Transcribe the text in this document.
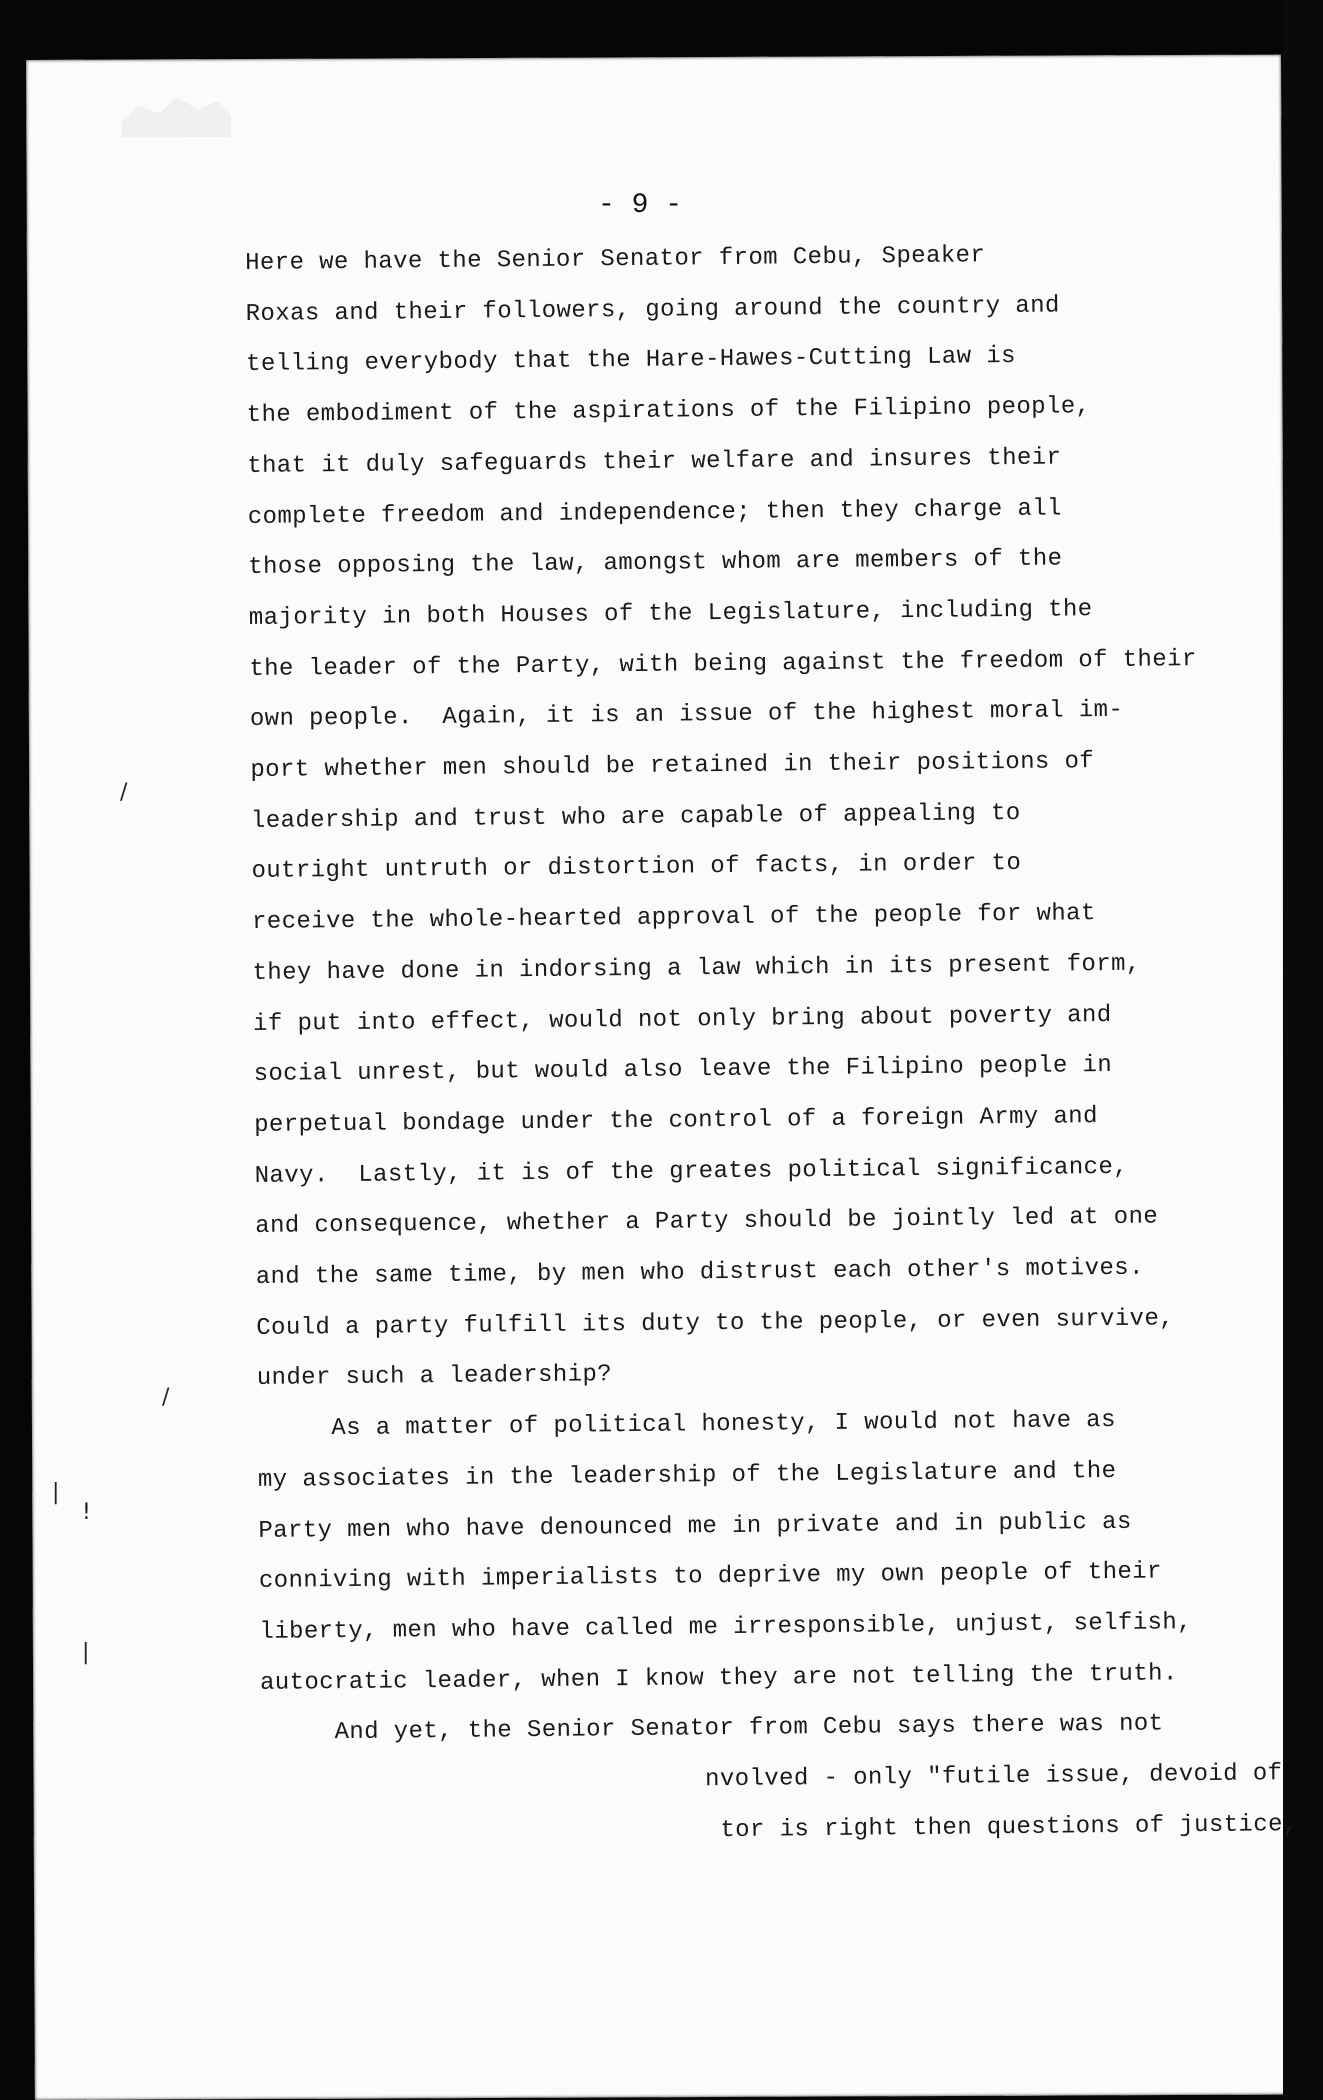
- 9 -
Here we have the Senior Senator from Cebu, Speaker
Roxas and their followers, going around the country and
telling everybody that the Hare-Hawes-Cutting Law is
the embodiment of the aspirations of the Filipino people,
that it duly safeguards their welfare and insures their
complete freedom and independence; then they charge all
those opposing the law, amongst whom are members of the
majority in both Houses of the Legislature, including the
the leader of the Party, with being against the freedom of their
own people.  Again, it is an issue of the highest moral im-
port whether men should be retained in their positions of
leadership and trust who are capable of appealing to
outright untruth or distortion of facts, in order to
receive the whole-hearted approval of the people for what
they have done in indorsing a law which in its present form,
if put into effect, would not only bring about poverty and
social unrest, but would also leave the Filipino people in
perpetual bondage under the control of a foreign Army and
Navy.  Lastly, it is of the greates political significance,
and consequence, whether a Party should be jointly led at one
and the same time, by men who distrust each other's motives.
Could a party fulfill its duty to the people, or even survive,
under such a leadership?
As a matter of political honesty, I would not have as
my associates in the leadership of the Legislature and the
Party men who have denounced me in private and in public as
conniving with imperialists to deprive my own people of their
liberty, men who have called me irresponsible, unjust, selfish,
autocratic leader, when I know they are not telling the truth.
And yet, the Senior Senator from Cebu says there was not
nvolved - only "futile issue, devoid of
tor is right then questions of justice,
/
/
!
|
|
